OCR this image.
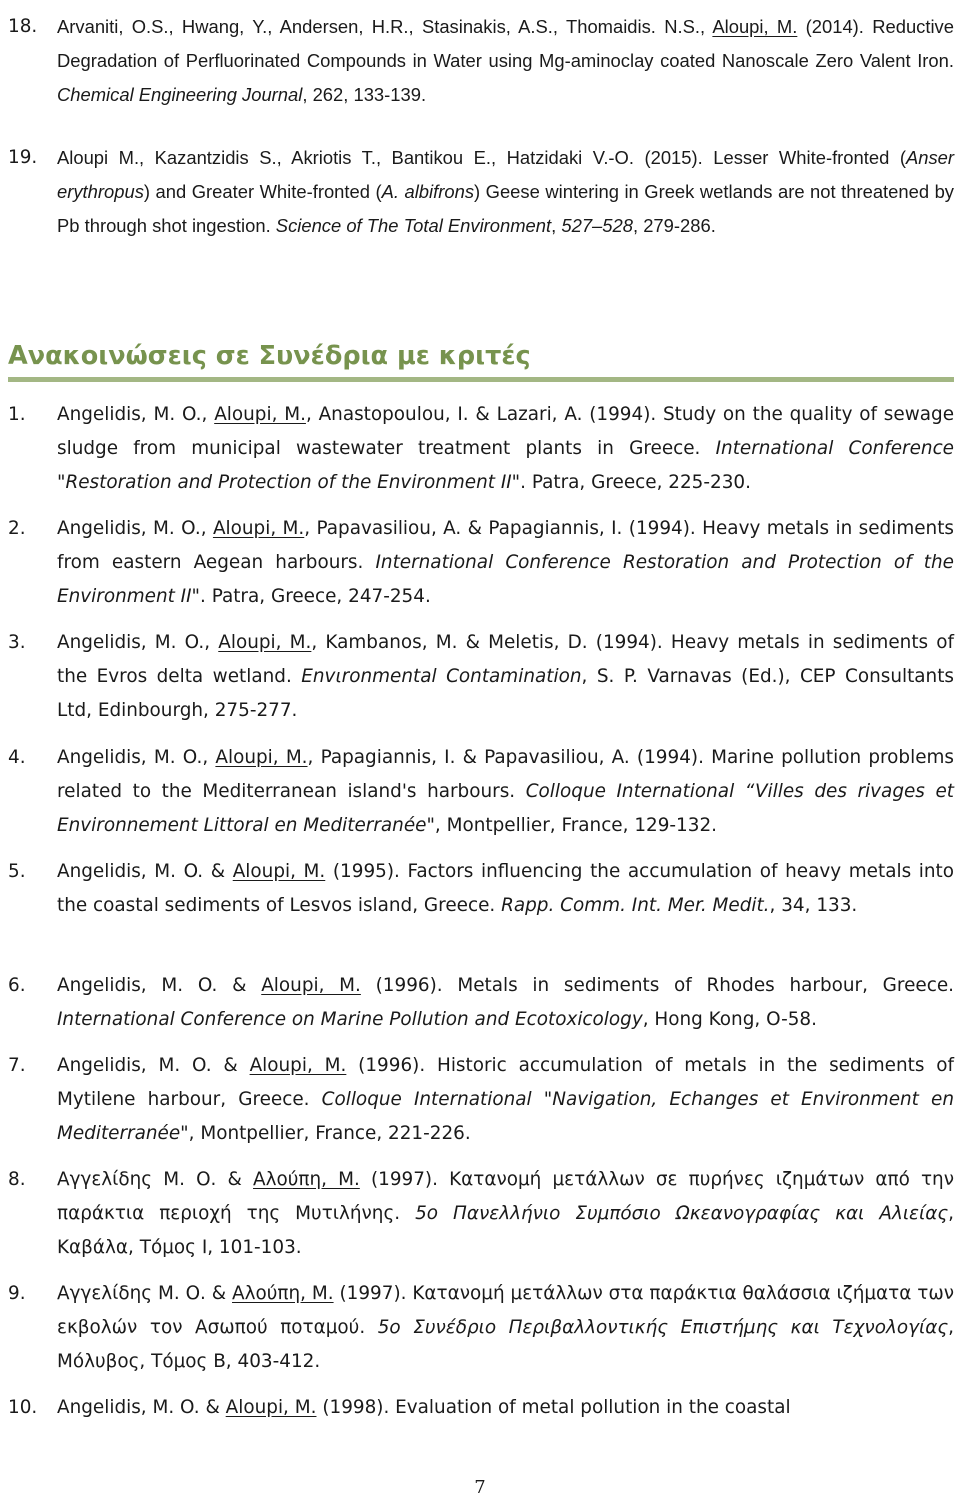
18. Arvaniti, O.S., Hwang, Y., Andersen, H.R., Stasinakis, A.S., Thomaidis. N.S., Aloupi, M. (2014). Reductive Degradation of Perfluorinated Compounds in Water using Mg-aminoclay coated Nanoscale Zero Valent Iron. Chemical Engineering Journal, 262, 133-139.
19. Aloupi M., Kazantzidis S., Akriotis T., Bantikou E., Hatzidaki V.-O. (2015). Lesser White-fronted (Anser erythropus) and Greater White-fronted (A. albifrons) Geese wintering in Greek wetlands are not threatened by Pb through shot ingestion. Science of The Total Environment, 527–528, 279-286.
Ανακοινώσεις σε Συνέδρια με κριτές
1. Angelidis, M. O., Aloupi, M., Anastopoulou, I. & Lazari, A. (1994). Study on the quality of sewage sludge from municipal wastewater treatment plants in Greece. International Conference "Restoration and Protection of the Environment II". Patra, Greece, 225-230.
2. Angelidis, M. O., Aloupi, M., Papavasiliou, A. & Papagiannis, I. (1994). Heavy metals in sediments from eastern Aegean harbours. International Conference Restoration and Protection of the Environment II". Patra, Greece, 247-254.
3. Angelidis, M. O., Aloupi, M., Kambanos, M. & Meletis, D. (1994). Heavy metals in sediments of the Evros delta wetland. Envιronmental Contamination, S. P. Varnavas (Ed.), CEP Consultants Ltd, Edinbourgh, 275-277.
4. Angelidis, M. O., Aloupi, M., Papagiannis, I. & Papavasiliou, A. (1994). Marine pollution problems related to the Mediterranean island's harbours. Colloque International “Villes des rivages et Environnement Littoral en Mediterranée", Montpellier, France, 129-132.
5. Angelidis, M. O. & Aloupi, M. (1995). Factors influencing the accumulation of heavy metals into the coastal sediments of Lesvos island, Greece. Rapp. Comm. Int. Mer. Medit., 34, 133.
6. Angelidis, M. O. & Aloupi, M. (1996). Metals in sediments of Rhodes harbour, Greece. International Conference on Marine Pollution and Ecotoxicology, Hong Kong, O-58.
7. Angelidis, M. O. & Aloupi, M. (1996). Historic accumulation of metals in the sediments of Mytilene harbour, Greece. Colloque International "Navigation, Echanges et Environment en Mediterranée", Montpellier, France, 221-226.
8. Αγγελίδης Μ. Ο. & Αλούπη, Μ. (1997). Κατανομή μετάλλων σε πυρήνες ιζημάτων από την παράκτια περιοχή της Μυτιλήνης. 5o Πανελλήνιο Συμπόσιο Ωκεανογραφίας και Αλιείας, Καβάλα, Τόμος Ι, 101-103.
9. Αγγελίδης Μ. Ο. & Αλούπη, Μ. (1997). Κατανομή μετάλλων στα παράκτια θαλάσσια ιζήματα των εκβολών τον Ασωπού ποταμού. 5ο Συνέδριο Περιβαλλοντικής Επιστήμης και Τεχνολογίας, Μόλυβος, Τόμος Β, 403-412.
10. Angelidis, M. O. & Aloupi, M. (1998). Evaluation of metal pollution in the coastal
7
